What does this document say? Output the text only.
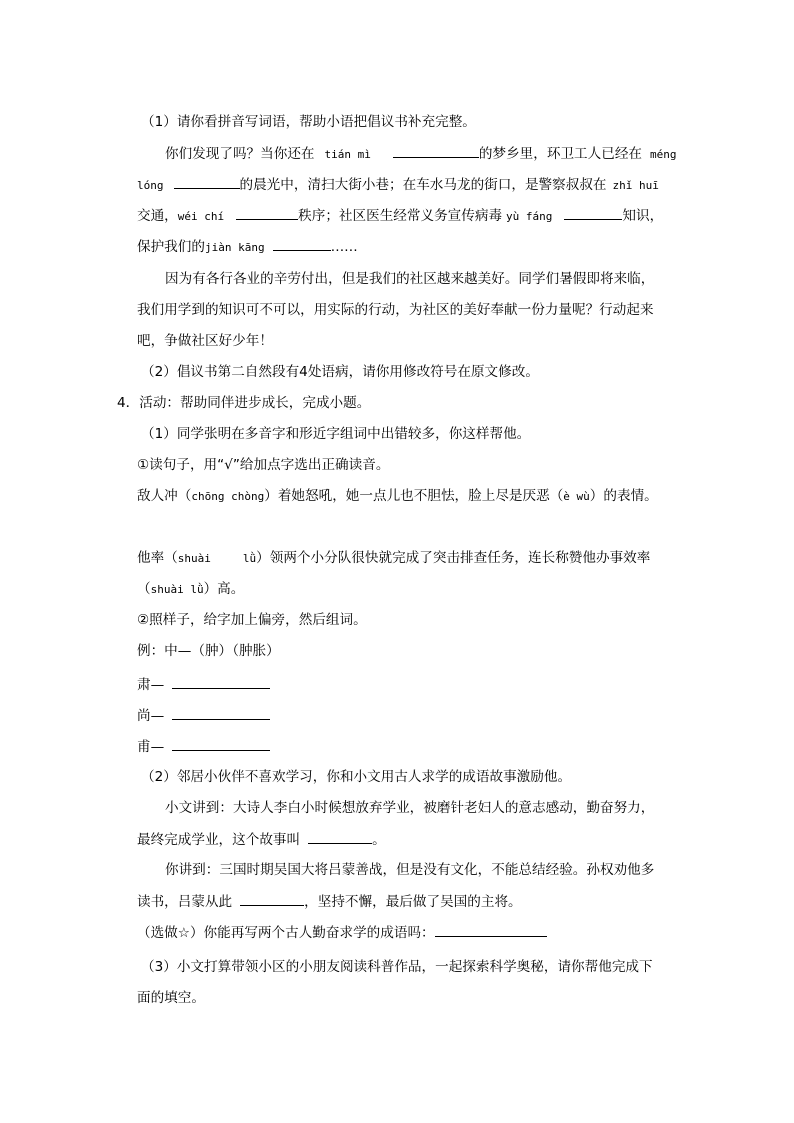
（1）请你看拼音写词语，帮助小语把倡议书补充完整。
你们发现了吗？当你还在 tián mì	的梦乡里，环卫工人已经在 méng
lóng	的晨光中，清扫大街小巷；在车水马龙的街口，是警察叔叔在 zhǐ huī
交通，wéi chí	秩序；社区医生经常义务宣传病毒 yù fáng	知识，
保护我们的jiàn kāng	……
因为有各行各业的辛劳付出，但是我们的社区越来越美好。同学们暑假即将来临，
我们用学到的知识可不可以，用实际的行动，为社区的美好奉献一份力量呢？行动起来
吧，争做社区好少年！
（2）倡议书第二自然段有4处语病，请你用修改符号在原文修改。
4．活动：帮助同伴进步成长，完成小题。
（1）同学张明在多音字和形近字组词中出错较多，你这样帮他。
①读句子，用“√”给加点字选出正确读音。
敌人冲（chōng chòng）着她怒吼，她一点儿也不胆怯，脸上尽是厌恶（è wù）的表情。
他率（shuài	lǜ）领两个小分队很快就完成了突击排查任务，连长称赞他办事效率
（shuài lǜ）高。
②照样子，给字加上偏旁，然后组词。
例：中—（肿）（肿胀）
肃—
尚—
甫—
（2）邻居小伙伴不喜欢学习，你和小文用古人求学的成语故事激励他。
小文讲到：大诗人李白小时候想放弃学业，被磨针老妇人的意志感动，勤奋努力，
最终完成学业，这个故事叫	。
你讲到：三国时期吴国大将吕蒙善战，但是没有文化，不能总结经验。孙权劝他多
读书，吕蒙从此	，坚持不懈，最后做了吴国的主将。
（选做☆）你能再写两个古人勤奋求学的成语吗：
（3）小文打算带领小区的小朋友阅读科普作品，一起探索科学奥秘，请你帮他完成下
面的填空。
